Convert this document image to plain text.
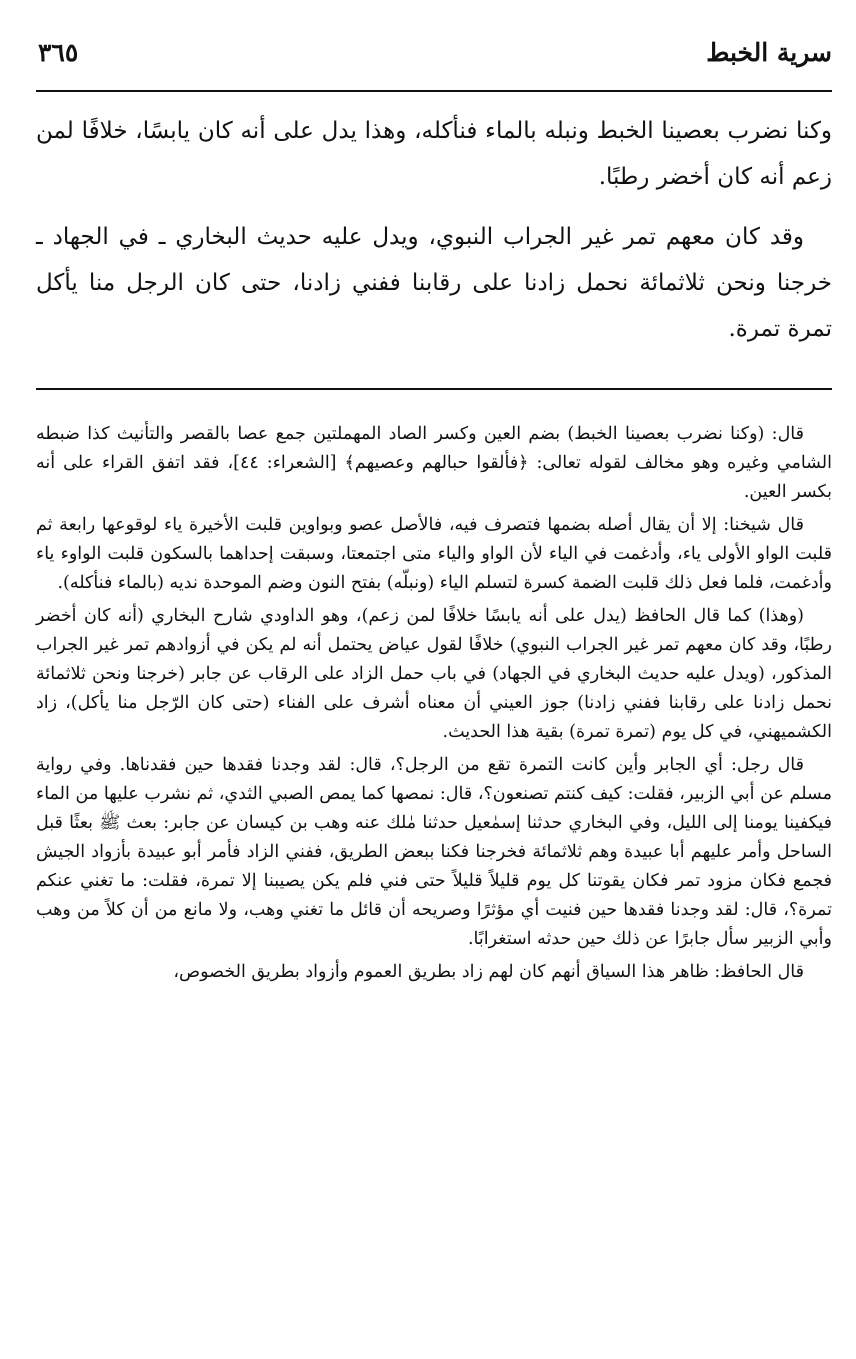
سرية الخبط
٣٦٥

وكنا نضرب بعصينا الخبط ونبله بالماء فنأكله، وهذا يدل على أنه كان يابسًا، خلافًا لمن زعم أنه كان أخضر رطبًا.

وقد كان معهم تمر غير الجراب النبوي، ويدل عليه حديث البخاري ـ في الجهاد ـ خرجنا ونحن ثلاثمائة نحمل زادنا على رقابنا ففني زادنا، حتى كان الرجل منا يأكل تمرة تمرة.

قال: (وكنا نضرب بعصينا الخبط) بضم العين وكسر الصاد المهملتين جمع عصا بالقصر والتأنيث كذا ضبطه الشامي وغيره وهو مخالف لقوله تعالى: ﴿فألقوا حبالهم وعصيهم﴾ [الشعراء: ٤٤]، فقد اتفق القراء على أنه بكسر العين.

قال شيخنا: إلا أن يقال أصله بضمها فتصرف فيه، فالأصل عصو وبواوين قلبت الأخيرة ياء لوقوعها رابعة ثم قلبت الواو الأولى ياء، وأدغمت في الياء لأن الواو والياء متى اجتمعتا، وسبقت إحداهما بالسكون قلبت الواوء ياء وأدغمت، فلما فعل ذلك قلبت الضمة كسرة لتسلم الياء (ونبلّه) بفتح النون وضم الموحدة نديه (بالماء فنأكله).

(وهذا) كما قال الحافظ (يدل على أنه يابسًا خلافًا لمن زعم)، وهو الداودي شارح البخاري (أنه كان أخضر رطبًا، وقد كان معهم تمر غير الجراب النبوي) خلافًا لقول عياض يحتمل أنه لم يكن في أزوادهم تمر غير الجراب المذكور، (ويدل عليه حديث البخاري في الجهاد) في باب حمل الزاد على الرقاب عن جابر (خرجنا ونحن ثلاثمائة نحمل زادنا على رقابنا ففني زادنا) جوز العيني أن معناه أشرف على الفناء (حتى كان الرّجل منا يأكل)، زاد الكشميهني، في كل يوم (تمرة تمرة) بقية هذا الحديث.

قال رجل: أي الجابر وأين كانت التمرة تقع من الرجل؟، قال: لقد وجدنا فقدها حين فقدناها. وفي رواية مسلم عن أبي الزبير، فقلت: كيف كنتم تصنعون؟، قال: نمصها كما يمص الصبي الثدي، ثم نشرب عليها من الماء فيكفينا يومنا إلى الليل، وفي البخاري حدثنا إسمٰعيل حدثنا مٰلك عنه وهب بن كيسان عن جابر: بعث ﷺ بعثًا قبل الساحل وأمر عليهم أبا عبيدة وهم ثلاثمائة فخرجنا فكنا ببعض الطريق، ففني الزاد فأمر أبو عبيدة بأزواد الجيش فجمع فكان مزود تمر فكان يقوتنا كل يوم قليلاً قليلاً حتى فني فلم يكن يصيبنا إلا تمرة، فقلت: ما تغني عنكم تمرة؟، قال: لقد وجدنا فقدها حين فنيت أي مؤثرًا وصريحه أن قائل ما تغني وهب، ولا مانع من أن كلاً من وهب وأبي الزبير سأل جابرًا عن ذلك حين حدثه استغرابًا.

قال الحافظ: ظاهر هذا السياق أنهم كان لهم زاد بطريق العموم وأزواد بطريق الخصوص،
